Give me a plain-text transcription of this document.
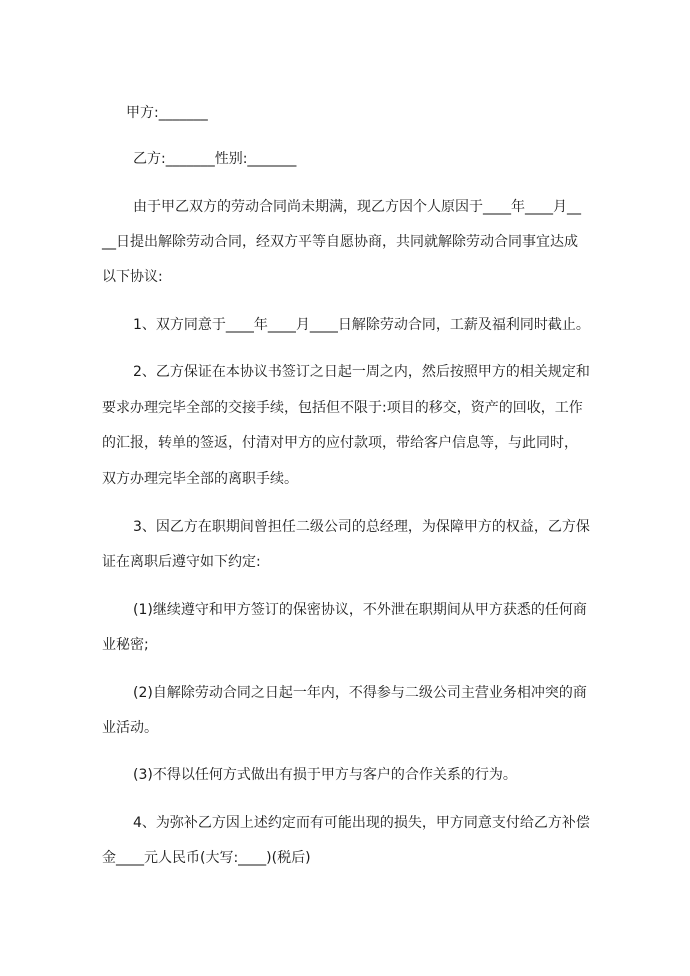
甲方:_______
乙方:_______性别:_______
由于甲乙双方的劳动合同尚未期满，现乙方因个人原因于____年____月__
__日提出解除劳动合同，经双方平等自愿协商，共同就解除劳动合同事宜达成
以下协议:
1、双方同意于____年____月____日解除劳动合同，工薪及福利同时截止。
2、乙方保证在本协议书签订之日起一周之内，然后按照甲方的相关规定和
要求办理完毕全部的交接手续，包括但不限于:项目的移交，资产的回收，工作
的汇报，转单的签返，付清对甲方的应付款项，带给客户信息等，与此同时，
双方办理完毕全部的离职手续。
3、因乙方在职期间曾担任二级公司的总经理，为保障甲方的权益，乙方保
证在离职后遵守如下约定:
(1)继续遵守和甲方签订的保密协议，不外泄在职期间从甲方获悉的任何商
业秘密;
(2)自解除劳动合同之日起一年内，不得参与二级公司主营业务相冲突的商
业活动。
(3)不得以任何方式做出有损于甲方与客户的合作关系的行为。
4、为弥补乙方因上述约定而有可能出现的损失，甲方同意支付给乙方补偿
金____元人民币(大写:____)(税后)
